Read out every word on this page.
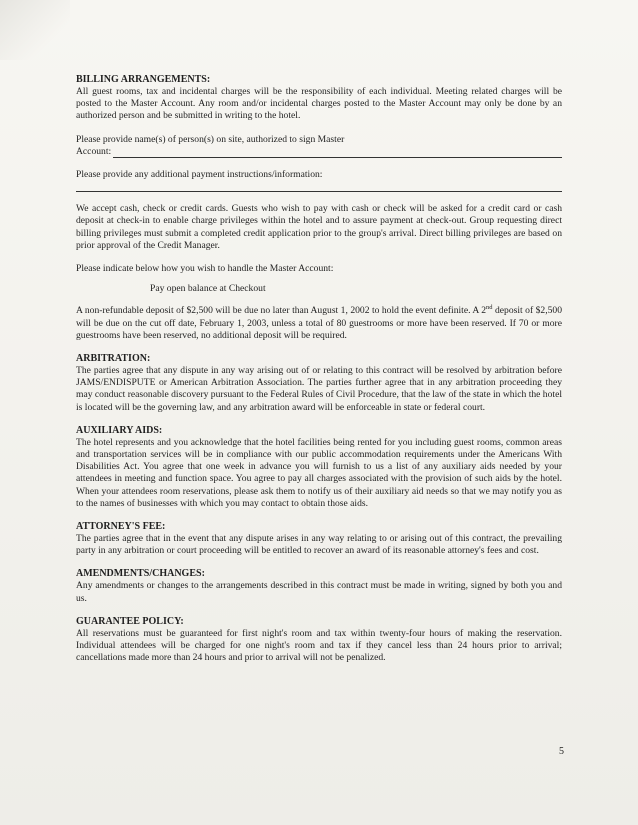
BILLING ARRANGEMENTS:

All guest rooms, tax and incidental charges will be the responsibility of each individual. Meeting related charges will be posted to the Master Account. Any room and/or incidental charges posted to the Master Account may only be done by an authorized person and be submitted in writing to the hotel.

Please provide name(s) of person(s) on site, authorized to sign Master

Account:

Please provide any additional payment instructions/information:

We accept cash, check or credit cards. Guests who wish to pay with cash or check will be asked for a credit card or cash deposit at check-in to enable charge privileges within the hotel and to assure payment at check-out. Group requesting direct billing privileges must submit a completed credit application prior to the group's arrival. Direct billing privileges are based on prior approval of the Credit Manager.

Please indicate below how you wish to handle the Master Account:

Pay open balance at Checkout

A non-refundable deposit of $2,500 will be due no later than August 1, 2002 to hold the event definite. A 2nd deposit of $2,500 will be due on the cut off date, February 1, 2003, unless a total of 80 guestrooms or more have been reserved. If 70 or more guestrooms have been reserved, no additional deposit will be required.

ARBITRATION:

The parties agree that any dispute in any way arising out of or relating to this contract will be resolved by arbitration before JAMS/ENDISPUTE or American Arbitration Association. The parties further agree that in any arbitration proceeding they may conduct reasonable discovery pursuant to the Federal Rules of Civil Procedure, that the law of the state in which the hotel is located will be the governing law, and any arbitration award will be enforceable in state or federal court.

AUXILIARY AIDS:

The hotel represents and you acknowledge that the hotel facilities being rented for you including guest rooms, common areas and transportation services will be in compliance with our public accommodation requirements under the Americans With Disabilities Act. You agree that one week in advance you will furnish to us a list of any auxiliary aids needed by your attendees in meeting and function space. You agree to pay all charges associated with the provision of such aids by the hotel. When your attendees room reservations, please ask them to notify us of their auxiliary aid needs so that we may notify you as to the names of businesses with which you may contact to obtain those aids.

ATTORNEY'S FEE:

The parties agree that in the event that any dispute arises in any way relating to or arising out of this contract, the prevailing party in any arbitration or court proceeding will be entitled to recover an award of its reasonable attorney's fees and cost.

AMENDMENTS/CHANGES:

Any amendments or changes to the arrangements described in this contract must be made in writing, signed by both you and us.

GUARANTEE POLICY:

All reservations must be guaranteed for first night's room and tax within twenty-four hours of making the reservation. Individual attendees will be charged for one night's room and tax if they cancel less than 24 hours prior to arrival; cancellations made more than 24 hours and prior to arrival will not be penalized.

5
